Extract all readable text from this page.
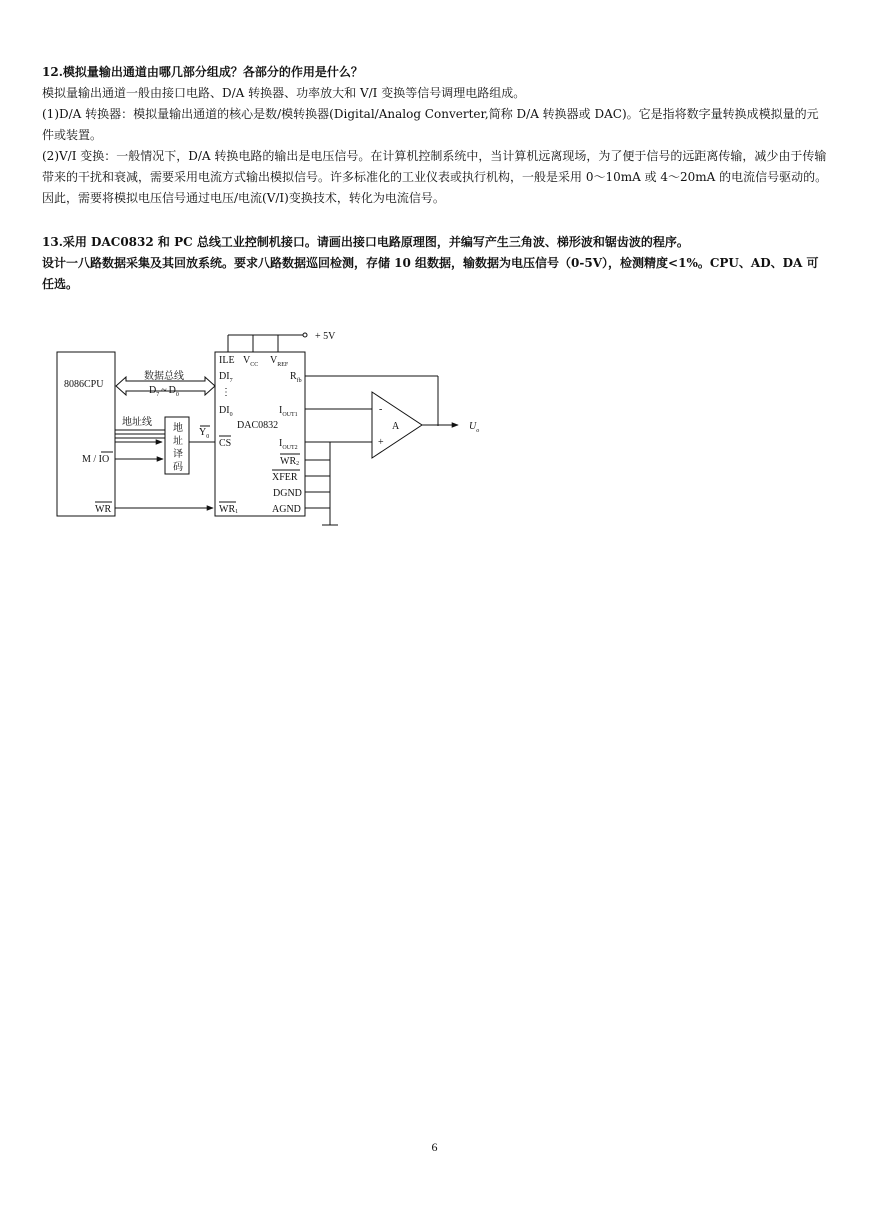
12.模拟量输出通道由哪几部分组成？各部分的作用是什么？

模拟量输出通道一般由接口电路、D/A 转换器、功率放大和 V/I 变换等信号调理电路组成。

(1)D/A 转换器：模拟量输出通道的核心是数/模转换器(Digital/Analog Converter,简称 D/A 转换器或 DAC)。它是指将数字量转换成模拟量的元件或装置。

(2)V/I 变换：一般情况下，D/A 转换电路的输出是电压信号。在计算机控制系统中，当计算机远离现场，为了便于信号的远距离传输，减少由于传输带来的干扰和衰减，需要采用电流方式输出模拟信号。许多标准化的工业仪表或执行机构，一般是采用 0～10mA 或 4～20mA 的电流信号驱动的。因此，需要将模拟电压信号通过电压/电流(V/I)变换技术，转化为电流信号。

13.采用 DAC0832 和 PC 总线工业控制机接口。请画出接口电路原理图，并编写产生三角波、梯形波和锯齿波的程序。

设计一八路数据采集及其回放系统。要求八路数据巡回检测，存储 10 组数据，输数据为电压信号（0-5V），检测精度<1%。CPU、AD、DA 可任选。

+ 5V
8086CPU
数据总线
$D_7$ ~ $D_0$
地址线
地
址
译
码
M / IO
WR
$Y_0$
ILE
$DI_7$
⋮
$DI_0$
CS
WR1
$V_{CC}$ $V_{REF}$
DAC0832
$R_{fb}$
$I_{OUT1}$
$I_{OUT2}$
WR2
XFER
DGND
AGND
-
+
A	$U_o$
6
